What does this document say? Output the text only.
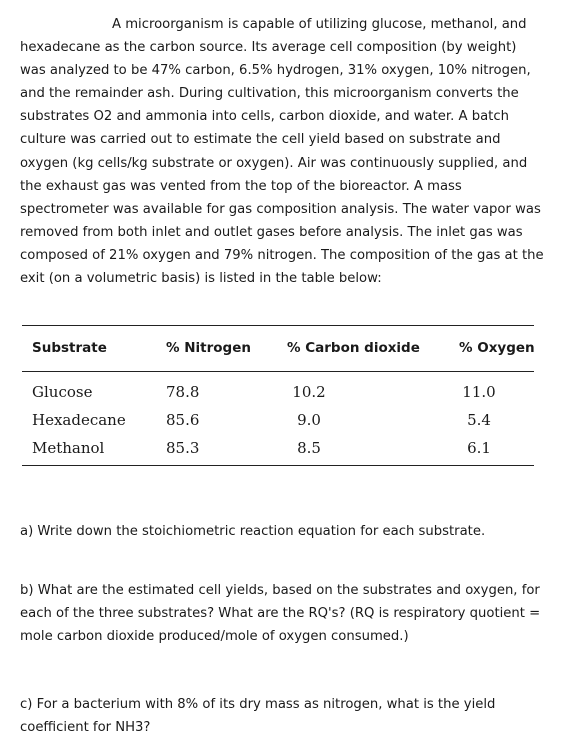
A microorganism is capable of utilizing glucose, methanol, and hexadecane as the carbon source. Its average cell composition (by weight) was analyzed to be 47% carbon, 6.5% hydrogen, 31% oxygen, 10% nitrogen, and the remainder ash. During cultivation, this microorganism converts the substrates O2 and ammonia into cells, carbon dioxide, and water. A batch culture was carried out to estimate the cell yield based on substrate and oxygen (kg cells/kg substrate or oxygen). Air was continuously supplied, and the exhaust gas was vented from the top of the bioreactor. A mass spectrometer was available for gas composition analysis. The water vapor was removed from both inlet and outlet gases before analysis. The inlet gas was composed of 21% oxygen and 79% nitrogen. The composition of the gas at the exit (on a volumetric basis) is listed in the table below:

Substrate	% Nitrogen	% Carbon dioxide	% Oxygen
Glucose	78.8	10.2	11.0
Hexadecane	85.6	9.0	5.4
Methanol	85.3	8.5	6.1

a) Write down the stoichiometric reaction equation for each substrate.

b) What are the estimated cell yields, based on the substrates and oxygen, for each of the three substrates? What are the RQ's? (RQ is respiratory quotient = mole carbon dioxide produced/mole of oxygen consumed.)

c) For a bacterium with 8% of its dry mass as nitrogen, what is the yield coefficient for NH3?
